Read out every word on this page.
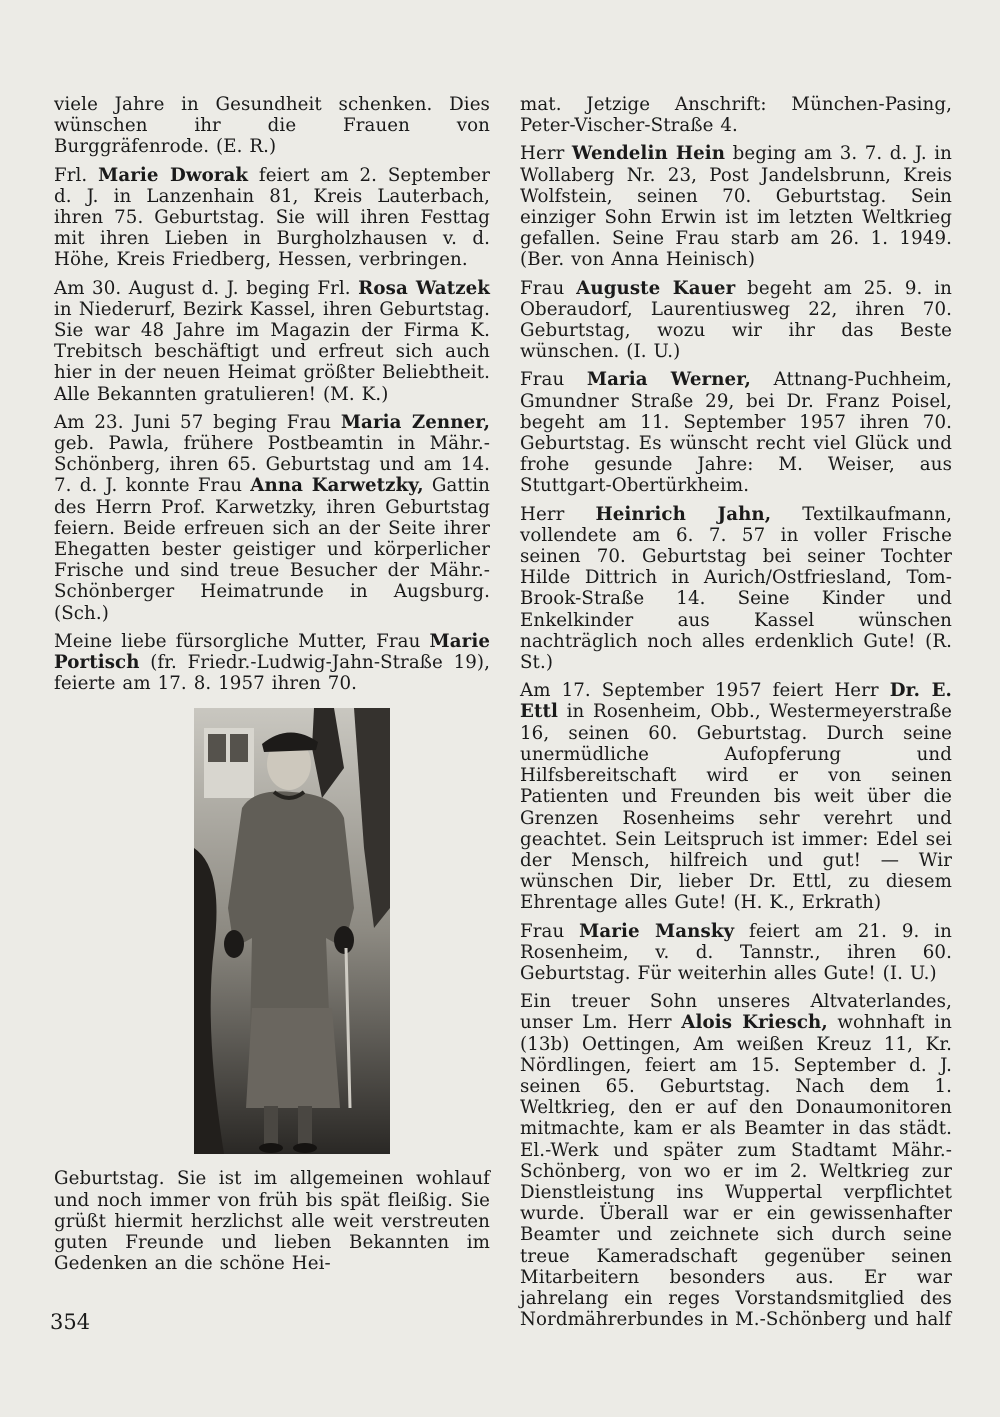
viele Jahre in Gesundheit schenken. Dies wünschen ihr die Frauen von Burggräfenrode. (E. R.)

Frl. Marie Dworak feiert am 2. September d. J. in Lanzenhain 81, Kreis Lauterbach, ihren 75. Geburtstag. Sie will ihren Festtag mit ihren Lieben in Burgholzhausen v. d. Höhe, Kreis Friedberg, Hessen, verbringen.

Am 30. August d. J. beging Frl. Rosa Watzek in Niederurf, Bezirk Kassel, ihren Geburtstag. Sie war 48 Jahre im Magazin der Firma K. Trebitsch beschäftigt und erfreut sich auch hier in der neuen Heimat größter Beliebtheit. Alle Bekannten gratulieren! (M. K.)

Am 23. Juni 57 beging Frau Maria Zenner, geb. Pawla, frühere Postbeamtin in Mähr.-Schönberg, ihren 65. Geburtstag und am 14. 7. d. J. konnte Frau Anna Karwetzky, Gattin des Herrn Prof. Karwetzky, ihren Geburtstag feiern. Beide erfreuen sich an der Seite ihrer Ehegatten bester geistiger und körperlicher Frische und sind treue Besucher der Mähr.-Schönberger Heimatrunde in Augsburg. (Sch.)

Meine liebe fürsorgliche Mutter, Frau Marie Portisch (fr. Friedr.-Ludwig-Jahn-Straße 19), feierte am 17. 8. 1957 ihren 70.

Geburtstag. Sie ist im allgemeinen wohlauf und noch immer von früh bis spät fleißig. Sie grüßt hiermit herzlichst alle weit verstreuten guten Freunde und lieben Bekannten im Gedenken an die schöne Hei-

mat. Jetzige Anschrift: München-Pasing, Peter-Vischer-Straße 4.

Herr Wendelin Hein beging am 3. 7. d. J. in Wollaberg Nr. 23, Post Jandelsbrunn, Kreis Wolfstein, seinen 70. Geburtstag. Sein einziger Sohn Erwin ist im letzten Weltkrieg gefallen. Seine Frau starb am 26. 1. 1949. (Ber. von Anna Heinisch)

Frau Auguste Kauer begeht am 25. 9. in Oberaudorf, Laurentiusweg 22, ihren 70. Geburtstag, wozu wir ihr das Beste wünschen. (I. U.)

Frau Maria Werner, Attnang-Puchheim, Gmundner Straße 29, bei Dr. Franz Poisel, begeht am 11. September 1957 ihren 70. Geburtstag. Es wünscht recht viel Glück und frohe gesunde Jahre: M. Weiser, aus Stuttgart-Obertürkheim.

Herr Heinrich Jahn, Textilkaufmann, vollendete am 6. 7. 57 in voller Frische seinen 70. Geburtstag bei seiner Tochter Hilde Dittrich in Aurich/Ostfriesland, Tom-Brook-Straße 14. Seine Kinder und Enkelkinder aus Kassel wünschen nachträglich noch alles erdenklich Gute! (R. St.)

Am 17. September 1957 feiert Herr Dr. E. Ettl in Rosenheim, Obb., Westermeyerstraße 16, seinen 60. Geburtstag. Durch seine unermüdliche Aufopferung und Hilfsbereitschaft wird er von seinen Patienten und Freunden bis weit über die Grenzen Rosenheims sehr verehrt und geachtet. Sein Leitspruch ist immer: Edel sei der Mensch, hilfreich und gut! — Wir wünschen Dir, lieber Dr. Ettl, zu diesem Ehrentage alles Gute! (H. K., Erkrath)

Frau Marie Mansky feiert am 21. 9. in Rosenheim, v. d. Tannstr., ihren 60. Geburtstag. Für weiterhin alles Gute! (I. U.)

Ein treuer Sohn unseres Altvaterlandes, unser Lm. Herr Alois Kriesch, wohnhaft in (13b) Oettingen, Am weißen Kreuz 11, Kr. Nördlingen, feiert am 15. September d. J. seinen 65. Geburtstag. Nach dem 1. Weltkrieg, den er auf den Donaumonitoren mitmachte, kam er als Beamter in das städt. El.-Werk und später zum Stadtamt Mähr.-Schönberg, von wo er im 2. Weltkrieg zur Dienstleistung ins Wuppertal verpflichtet wurde. Überall war er ein gewissenhafter Beamter und zeichnete sich durch seine treue Kameradschaft gegenüber seinen Mitarbeitern besonders aus. Er war jahrelang ein reges Vorstandsmitglied des Nordmährerbundes in M.-Schönberg und half

354
